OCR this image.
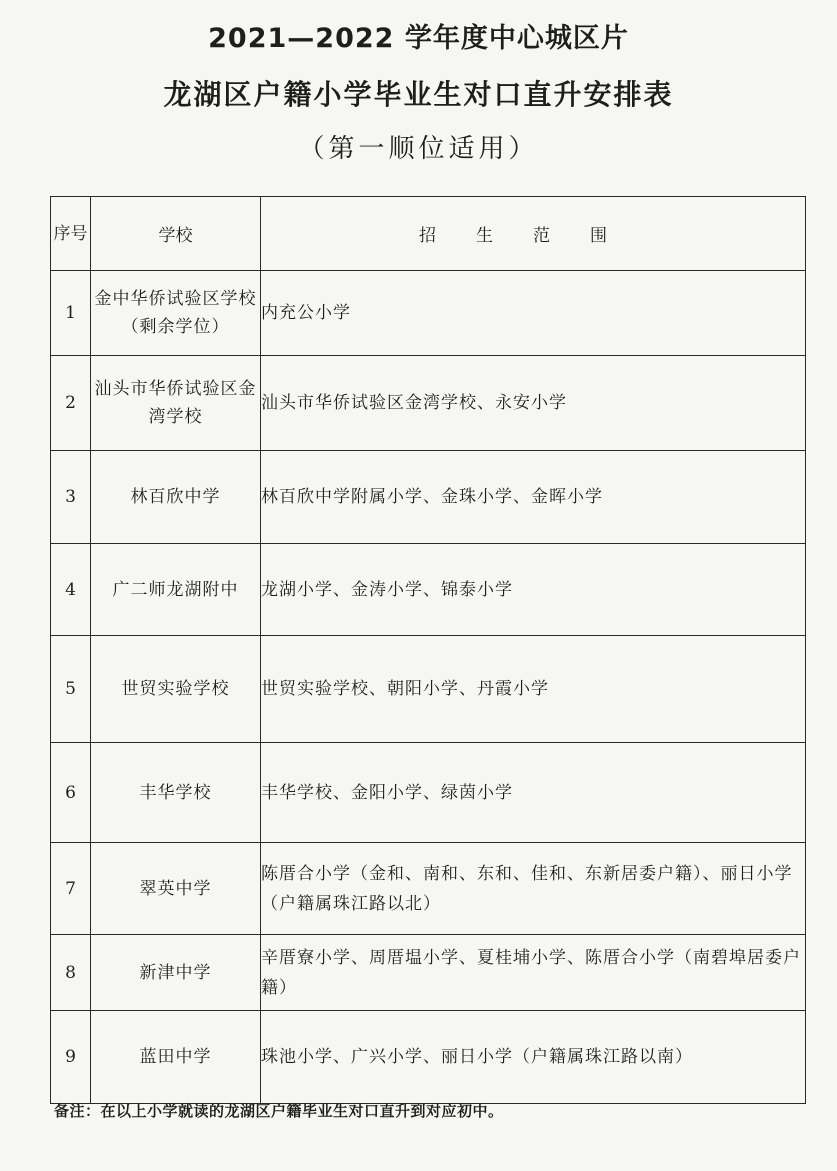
2021—2022 学年度中心城区片
龙湖区户籍小学毕业生对口直升安排表
（第一顺位适用）
序号	学校	招生范围
1	金中华侨试验区学校（剩余学位）	内充公小学
2	汕头市华侨试验区金湾学校	汕头市华侨试验区金湾学校、永安小学
3	林百欣中学	林百欣中学附属小学、金珠小学、金晖小学
4	广二师龙湖附中	龙湖小学、金涛小学、锦泰小学
5	世贸实验学校	世贸实验学校、朝阳小学、丹霞小学
6	丰华学校	丰华学校、金阳小学、绿茵小学
7	翠英中学	陈厝合小学（金和、南和、东和、佳和、东新居委户籍）、丽日小学（户籍属珠江路以北）
8	新津中学	辛厝寮小学、周厝塭小学、夏桂埔小学、陈厝合小学（南碧埠居委户籍）
9	蓝田中学	珠池小学、广兴小学、丽日小学（户籍属珠江路以南）
备注：在以上小学就读的龙湖区户籍毕业生对口直升到对应初中。
